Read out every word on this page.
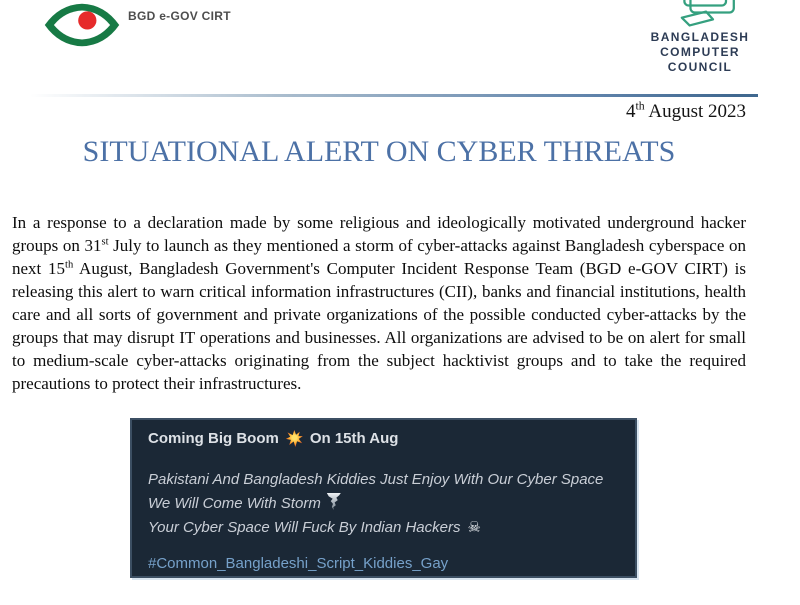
BGD e-GOV CIRT
BANGLADESH
COMPUTER
COUNCIL
4th August 2023
SITUATIONAL ALERT ON CYBER THREATS
In a response to a declaration made by some religious and ideologically motivated underground hacker groups on 31st July to launch as they mentioned a storm of cyber-attacks against Bangladesh cyberspace on next 15th August, Bangladesh Government's Computer Incident Response Team (BGD e-GOV CIRT) is releasing this alert to warn critical information infrastructures (CII), banks and financial institutions, health care and all sorts of government and private organizations of the possible conducted cyber-attacks by the groups that may disrupt IT operations and businesses. All organizations are advised to be on alert for small to medium-scale cyber-attacks originating from the subject hacktivist groups and to take the required precautions to protect their infrastructures.
Coming Big Boom On 15th Aug
Pakistani And Bangladesh Kiddies Just Enjoy With Our Cyber Space
We Will Come With Storm
Your Cyber Space Will Fuck By Indian Hackers ☠
#Common_Bangladeshi_Script_Kiddies_Gay
